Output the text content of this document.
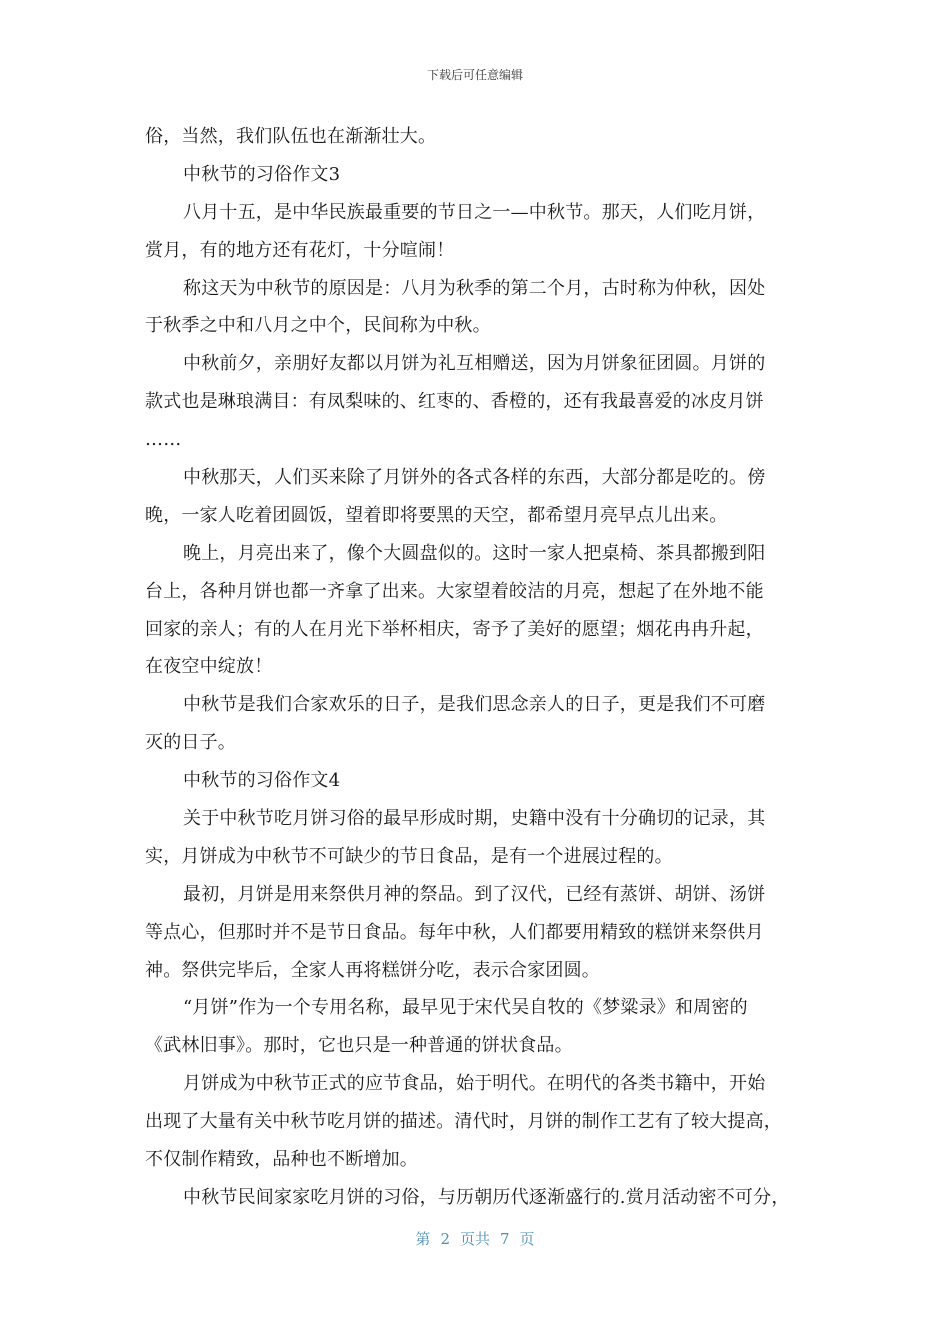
下载后可任意编辑
俗，当然，我们队伍也在渐渐壮大。
中秋节的习俗作文3
八月十五，是中华民族最重要的节日之一—中秋节。那天，人们吃月饼，
赏月，有的地方还有花灯，十分喧闹！
称这天为中秋节的原因是：八月为秋季的第二个月，古时称为仲秋，因处
于秋季之中和八月之中个，民间称为中秋。
中秋前夕，亲朋好友都以月饼为礼互相赠送，因为月饼象征团圆。月饼的
款式也是琳琅满目：有凤梨味的、红枣的、香橙的，还有我最喜爱的冰皮月饼
……
中秋那天，人们买来除了月饼外的各式各样的东西，大部分都是吃的。傍
晚，一家人吃着团圆饭，望着即将要黑的天空，都希望月亮早点儿出来。
晚上，月亮出来了，像个大圆盘似的。这时一家人把桌椅、茶具都搬到阳
台上，各种月饼也都一齐拿了出来。大家望着皎洁的月亮，想起了在外地不能
回家的亲人；有的人在月光下举杯相庆，寄予了美好的愿望；烟花冉冉升起，
在夜空中绽放！
中秋节是我们合家欢乐的日子，是我们思念亲人的日子，更是我们不可磨
灭的日子。
中秋节的习俗作文4
关于中秋节吃月饼习俗的最早形成时期，史籍中没有十分确切的记录，其
实，月饼成为中秋节不可缺少的节日食品，是有一个进展过程的。
最初，月饼是用来祭供月神的祭品。到了汉代，已经有蒸饼、胡饼、汤饼
等点心，但那时并不是节日食品。每年中秋，人们都要用精致的糕饼来祭供月
神。祭供完毕后，全家人再将糕饼分吃，表示合家团圆。
“月饼”作为一个专用名称，最早见于宋代吴自牧的《梦粱录》和周密的
《武林旧事》。那时，它也只是一种普通的饼状食品。
月饼成为中秋节正式的应节食品，始于明代。在明代的各类书籍中，开始
出现了大量有关中秋节吃月饼的描述。清代时，月饼的制作工艺有了较大提高，
不仅制作精致，品种也不断增加。
中秋节民间家家吃月饼的习俗，与历朝历代逐渐盛行的.赏月活动密不可分，
第 2 页共 7 页
